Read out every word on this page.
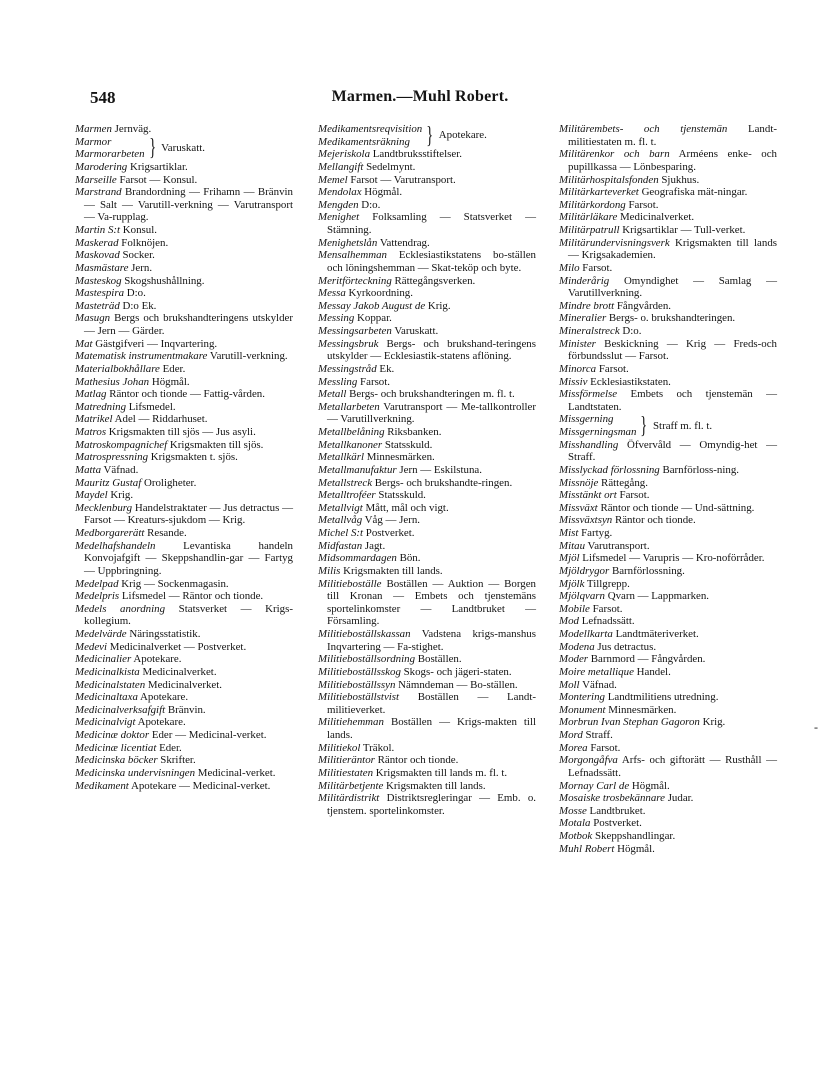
548	Marmen.—Muhl Robert.

Marmen Jernväg.

Marmor
Marmorarbeten } Varuskatt.

Marodering Krigsartiklar.

Marseille Farsot — Konsul.

Marstrand Brandordning — Frihamn — Bränvin — Salt — Varutill-verkning — Varutransport — Va-rupplag.

Martin S:t Konsul.

Maskerad Folknöjen.

Maskovad Socker.

Masmästare Jern.

Masteskog Skogshushållning.

Mastespira D:o.

Masteträd D:o Ek.

Masugn Bergs och brukshandteringens utskylder — Jern — Gärder.

Mat Gästgifveri — Inqvartering.

Matematisk instrumentmakare Varutill-verkning.

Materialbokhållare Eder.

Mathesius Johan Högmål.

Matlag Räntor och tionde — Fattig-vården.

Matredning Lifsmedel.

Matrikel Adel — Riddarhuset.

Matros Krigsmakten till sjös — Jus asyli.

Matroskompagnichef Krigsmakten till sjös.

Matrospressning Krigsmakten t. sjös.

Matta Väfnad.

Mauritz Gustaf Oroligheter.

Maydel Krig.

Mecklenburg Handelstraktater — Jus detractus — Farsot — Kreaturs-sjukdom — Krig.

Medborgarerätt Resande.

Medelhafshandeln Levantiska handeln Konvojafgift — Skeppshandlin-gar — Fartyg — Uppbringning.

Medelpad Krig — Sockenmagasin.

Medelpris Lifsmedel — Räntor och tionde.

Medels anordning Statsverket — Krigs-kollegium.

Medelvärde Näringsstatistik.

Medevi Medicinalverket — Postverket.

Medicinalier Apotekare.

Medicinalkista Medicinalverket.

Medicinalstaten Medicinalverket.

Medicinaltaxa Apotekare.

Medicinalverksafgift Bränvin.

Medicinalvigt Apotekare.

Medicinæ doktor Eder — Medicinal-verket.

Medicinæ licentiat Eder.

Medicinska böcker Skrifter.

Medicinska undervisningen Medicinal-verket.

Medikament Apotekare — Medicinal-verket.

Medikamentsreqvisition
Medikamentsräkning } Apotekare.

Mejeriskola Landtbruksstiftelser.

Mellangift Sedelmynt.

Memel Farsot — Varutransport.

Mendolax Högmål.

Mengden D:o.

Menighet Folksamling — Statsverket — Stämning.

Menighetslån Vattendrag.

Mensalhemman Ecklesiastikstatens bo-ställen och löningshemman — Skat-teköp och byte.

Meritförteckning Rättegångsverken.

Messa Kyrkoordning.

Messay Jakob August de Krig.

Messing Koppar.

Messingsarbeten Varuskatt.

Messingsbruk Bergs- och brukshand-teringens utskylder — Ecklesiastik-statens aflöning.

Messingstråd Ek.

Messling Farsot.

Metall Bergs- och brukshandteringen m. fl. t.

Metallarbeten Varutransport — Me-tallkontroller — Varutillverkning.

Metallbelåning Riksbanken.

Metallkanoner Statsskuld.

Metallkärl Minnesmärken.

Metallmanufaktur Jern — Eskilstuna.

Metallstreck Bergs- och brukshandte-ringen.

Metalltroféer Statsskuld.

Metallvigt Mått, mål och vigt.

Metallvåg Våg — Jern.

Michel S:t Postverket.

Midfastan Jagt.

Midsommardagen Bön.

Milis Krigsmakten till lands.

Militieboställe Boställen — Auktion — Borgen till Kronan — Embets och tjenstemäns sportelinkomster — Landtbruket — Församling.

Militieboställskassan Vadstena krigs-manshus Inqvartering — Fa-stighet.

Militieboställsordning Boställen.

Militieboställsskog Skogs- och jägeri-staten.

Militieboställssyn Nämndeman — Bo-ställen.

Militieboställstvist Boställen — Landt-militieverket.

Militiehemman Boställen — Krigs-makten till lands.

Militiekol Träkol.

Militieräntor Räntor och tionde.

Militiestaten Krigsmakten till lands m. fl. t.

Militärbetjente Krigsmakten till lands.

Militärdistrikt Distriktsregleringar — Emb. o. tjenstem. sportelinkomster.

Militärembets- och tjenstemän Landt-militiestaten m. fl. t.

Militärenkor och barn Arméens enke- och pupillkassa — Lönbesparing.

Militärhospitalsfonden Sjukhus.

Militärkarteverket Geografiska mät-ningar.

Militärkordong Farsot.

Militärläkare Medicinalverket.

Militärpatrull Krigsartiklar — Tull-verket.

Militärundervisningsverk Krigsmakten till lands — Krigsakademien.

Milo Farsot.

Minderårig Omyndighet — Samlag — Varutillverkning.

Mindre brott Fångvården.

Mineralier Bergs- o. brukshandteringen.

Mineralstreck D:o.

Minister Beskickning — Krig — Freds-och förbundsslut — Farsot.

Minorca Farsot.

Missiv Ecklesiastikstaten.

Missförmelse Embets och tjenstemän — Landtstaten.

Missgerning
Missgerningsman } Straff m. fl. t.

Misshandling Öfvervåld — Omyndig-het — Straff.

Misslyckad förlossning Barnförloss-ning.

Missnöje Rättegång.

Misstänkt ort Farsot.

Missväxt Räntor och tionde — Und-sättning.

Missväxtsyn Räntor och tionde.

Mist Fartyg.

Mitau Varutransport.

Mjöl Lifsmedel — Varupris — Kro-noförråder.

Mjöldrygor Barnförlossning.

Mjölk Tillgrepp.

Mjölqvarn Qvarn — Lappmarken.

Mobile Farsot.

Mod Lefnadssätt.

Modellkarta Landtmäteriverket.

Modena Jus detractus.

Moder Barnmord — Fångvården.

Moire metallique Handel.

Moll Väfnad.

Montering Landtmilitiens utredning.

Monument Minnesmärken.

Morbrun Ivan Stephan Gagoron Krig.

Mord Straff.

Morea Farsot.

Morgongåfva Arfs- och giftorätt — Rusthåll — Lefnadssätt.

Mornay Carl de Högmål.

Mosaiske trosbekännare Judar.

Mosse Landtbruket.

Motala Postverket.

Motbok Skeppshandlingar.

Muhl Robert Högmål.

-
